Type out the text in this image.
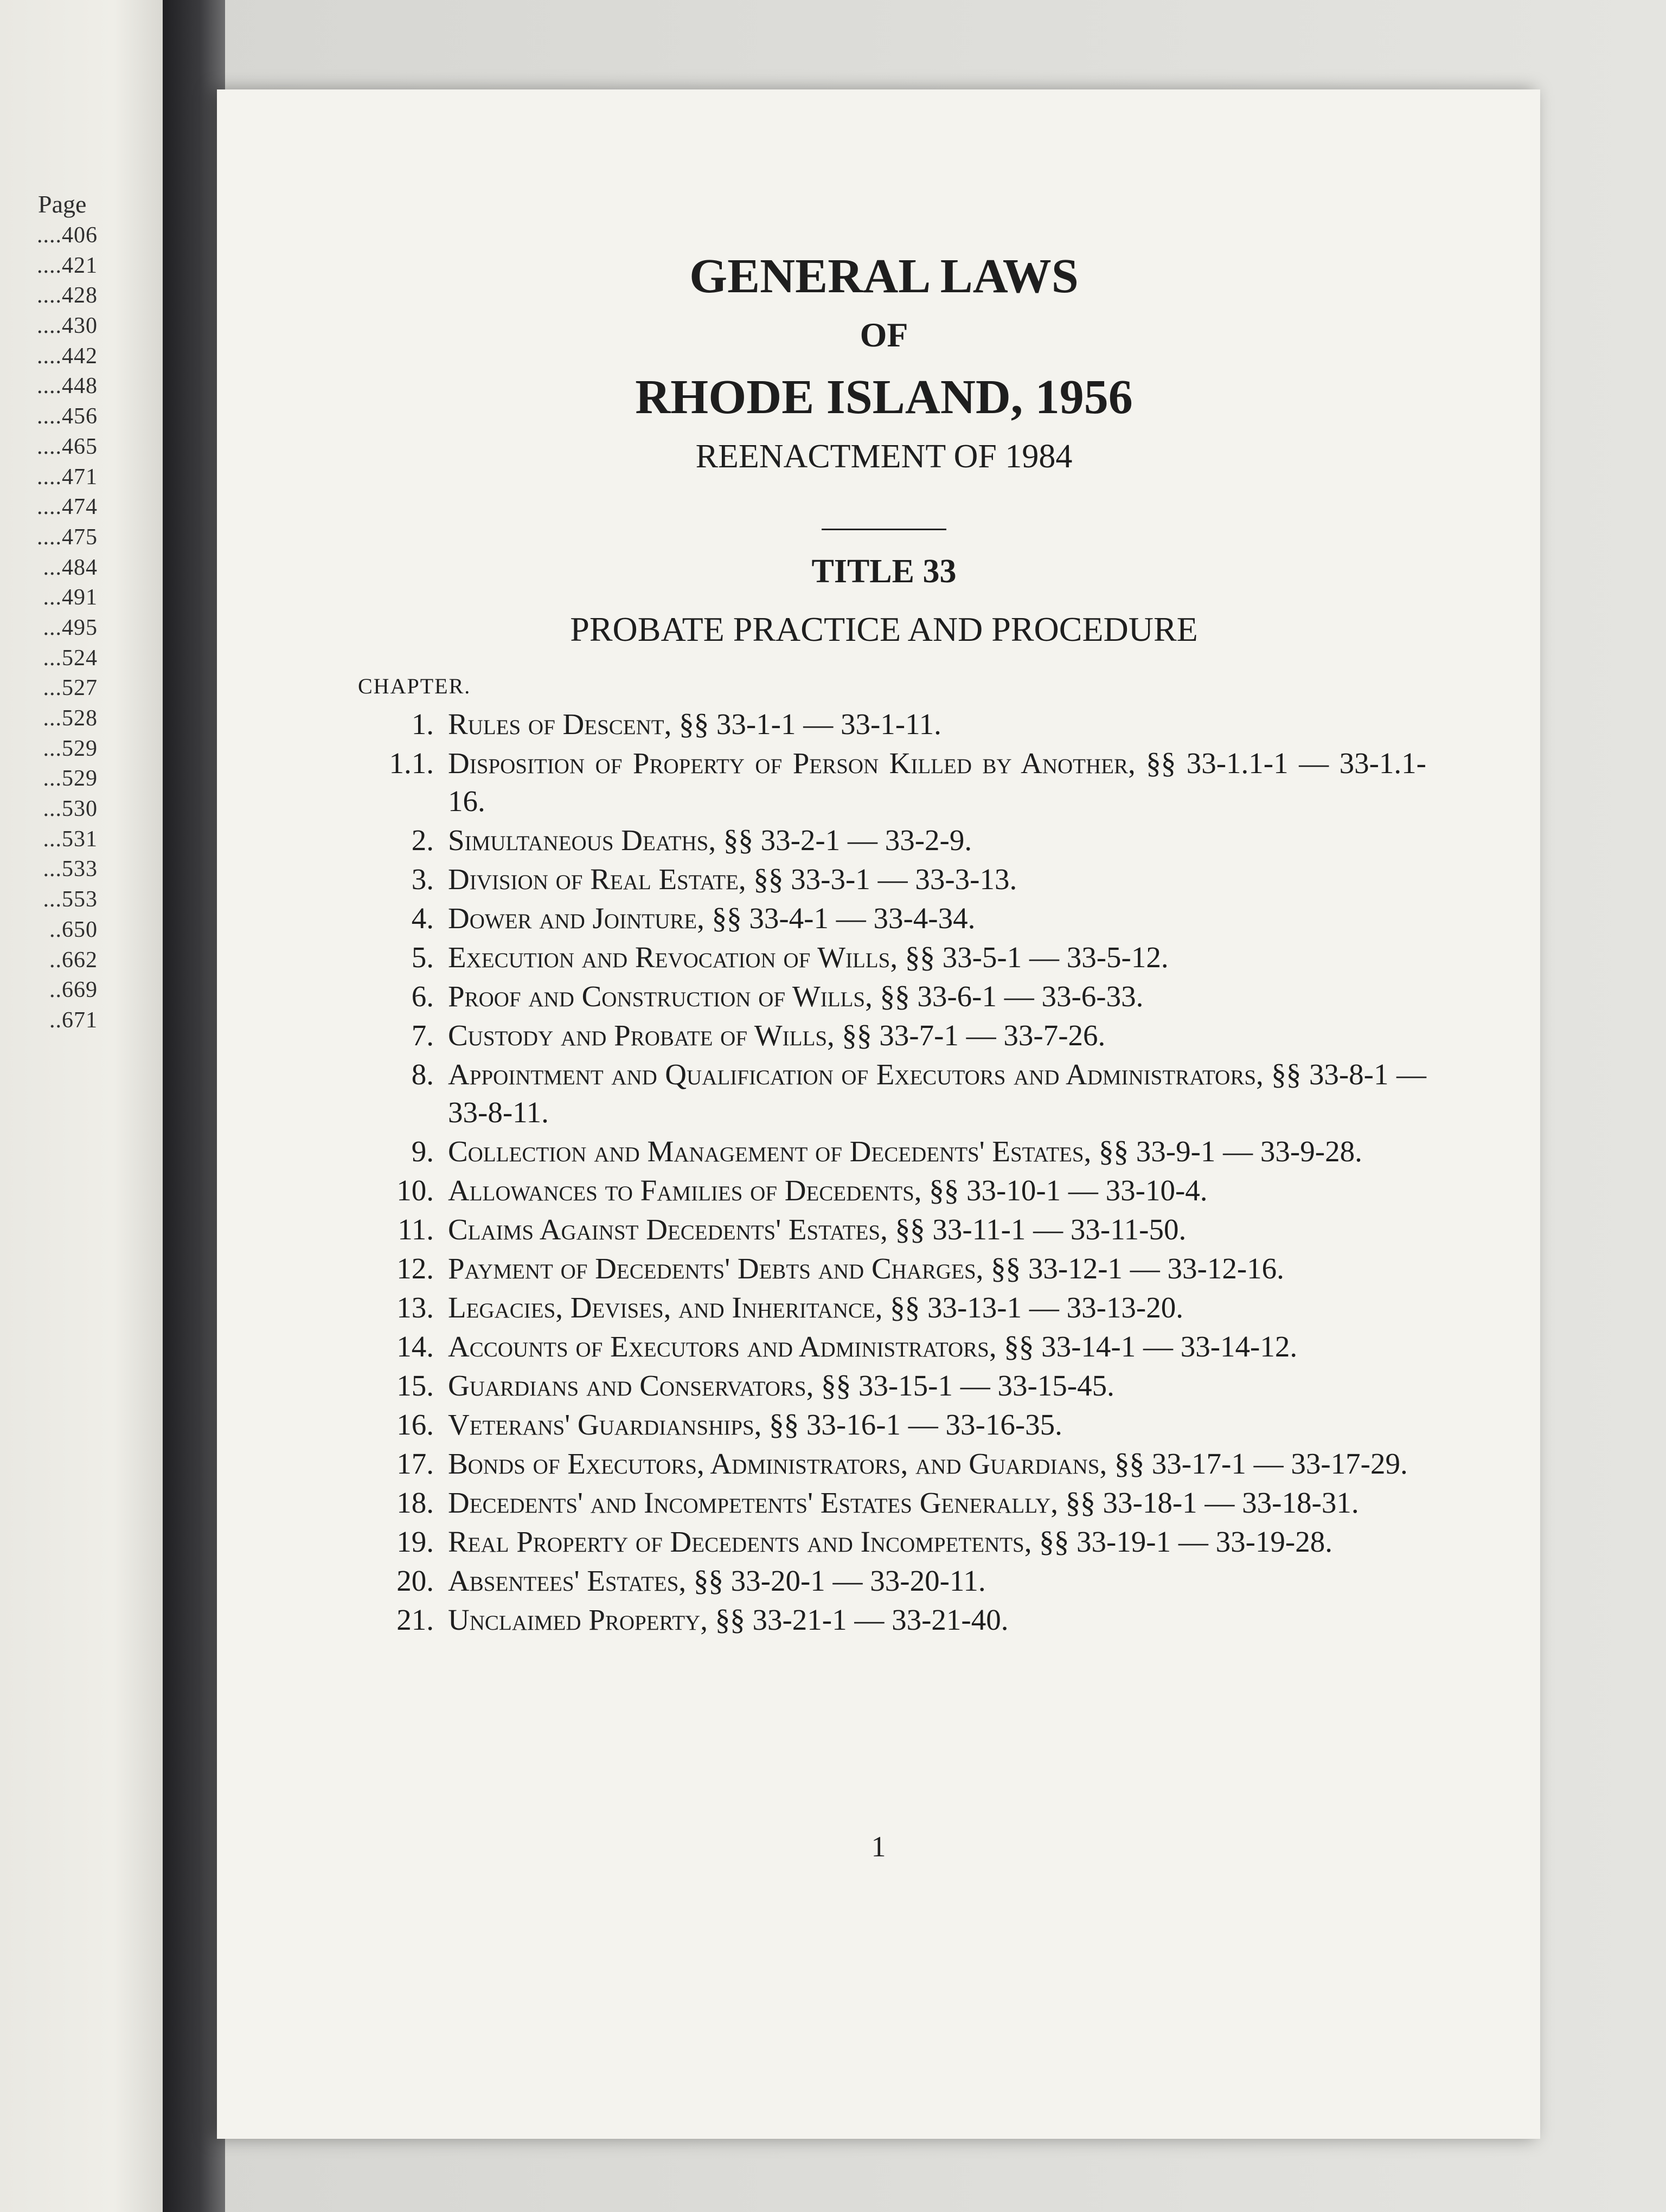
Page
....406
....421
....428
....430
....442
....448
....456
....465
....471
....474
....475
...484
...491
...495
...524
...527
...528
...529
...529
...530
...531
...533
...553
..650
..662
..669
..671
GENERAL LAWS
OF
RHODE ISLAND, 1956
REENACTMENT OF 1984
TITLE 33
PROBATE PRACTICE AND PROCEDURE
CHAPTER.
1. Rules of Descent, §§ 33-1-1 — 33-1-11.
1.1. Disposition of Property of Person Killed by Another, §§ 33-1.1-1 — 33-1.1-16.
2. Simultaneous Deaths, §§ 33-2-1 — 33-2-9.
3. Division of Real Estate, §§ 33-3-1 — 33-3-13.
4. Dower and Jointure, §§ 33-4-1 — 33-4-34.
5. Execution and Revocation of Wills, §§ 33-5-1 — 33-5-12.
6. Proof and Construction of Wills, §§ 33-6-1 — 33-6-33.
7. Custody and Probate of Wills, §§ 33-7-1 — 33-7-26.
8. Appointment and Qualification of Executors and Administrators, §§ 33-8-1 — 33-8-11.
9. Collection and Management of Decedents' Estates, §§ 33-9-1 — 33-9-28.
10. Allowances to Families of Decedents, §§ 33-10-1 — 33-10-4.
11. Claims Against Decedents' Estates, §§ 33-11-1 — 33-11-50.
12. Payment of Decedents' Debts and Charges, §§ 33-12-1 — 33-12-16.
13. Legacies, Devises, and Inheritance, §§ 33-13-1 — 33-13-20.
14. Accounts of Executors and Administrators, §§ 33-14-1 — 33-14-12.
15. Guardians and Conservators, §§ 33-15-1 — 33-15-45.
16. Veterans' Guardianships, §§ 33-16-1 — 33-16-35.
17. Bonds of Executors, Administrators, and Guardians, §§ 33-17-1 — 33-17-29.
18. Decedents' and Incompetents' Estates Generally, §§ 33-18-1 — 33-18-31.
19. Real Property of Decedents and Incompetents, §§ 33-19-1 — 33-19-28.
20. Absentees' Estates, §§ 33-20-1 — 33-20-11.
21. Unclaimed Property, §§ 33-21-1 — 33-21-40.
1
